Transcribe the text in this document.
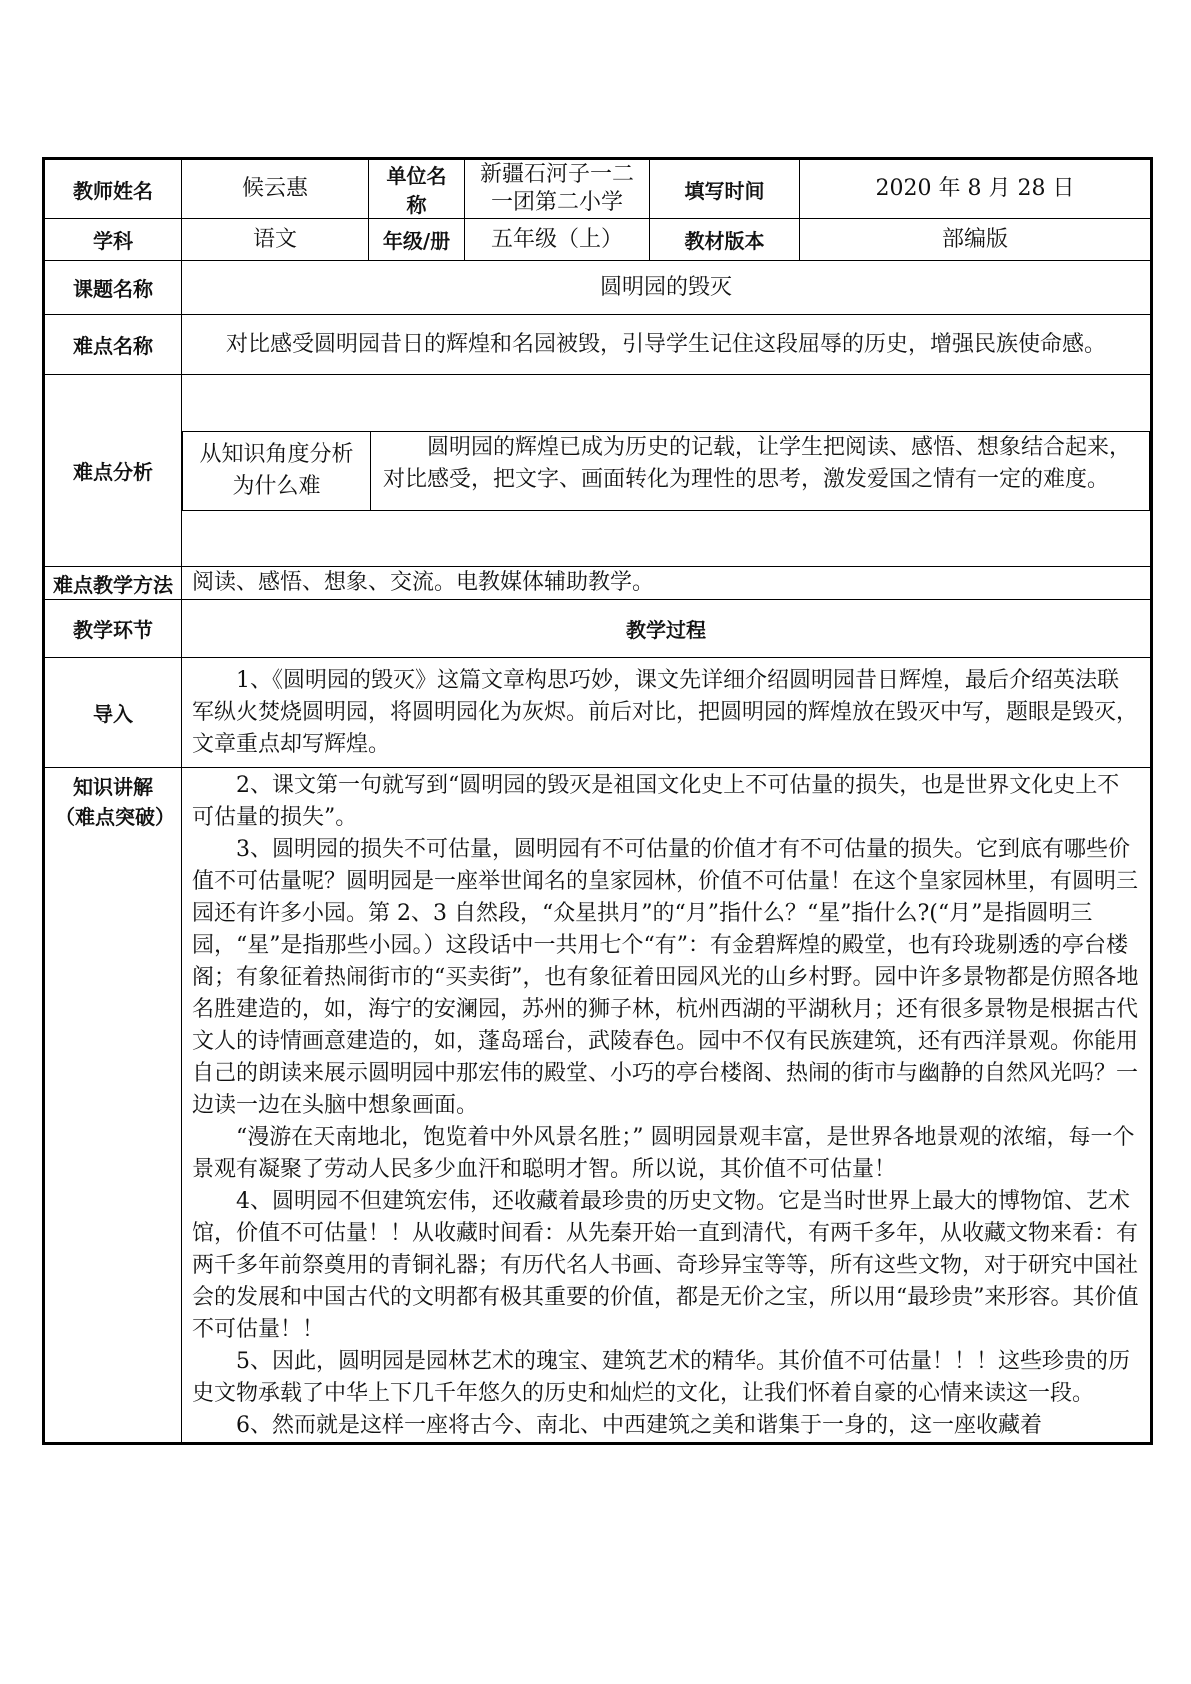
教师姓名	候云惠	单位名称	新疆石河子一二一团第二小学	填写时间	2020 年 8 月 28 日
学科	语文	年级/册	五年级（上）	教材版本	部编版
课题名称	圆明园的毁灭
难点名称	对比感受圆明园昔日的辉煌和名园被毁，引导学生记住这段屈辱的历史，增强民族使命感。
难点分析	
从知识角度分析为什么难	圆明园的辉煌已成为历史的记载，让学生把阅读、感悟、想象结合起来，对比感受，把文字、画面转化为理性的思考，激发爱国之情有一定的难度。

难点教学方法	阅读、感悟、想象、交流。电教媒体辅助教学。
教学环节	教学过程
导入	1、《圆明园的毁灭》这篇文章构思巧妙，课文先详细介绍圆明园昔日辉煌，最后介绍英法联军纵火焚烧圆明园，将圆明园化为灰烬。前后对比，把圆明园的辉煌放在毁灭中写，题眼是毁灭，文章重点却写辉煌。

知识讲解
（难点突破）

2、课文第一句就写到“圆明园的毁灭是祖国文化史上不可估量的损失，也是世界文化史上不可估量的损失”。

3、圆明园的损失不可估量，圆明园有不可估量的价值才有不可估量的损失。它到底有哪些价值不可估量呢？圆明园是一座举世闻名的皇家园林，价值不可估量！在这个皇家园林里，有圆明三园还有许多小园。第 2、3 自然段，“众星拱月”的“月”指什么？“星”指什么?(“月”是指圆明三园，“星”是指那些小园。）这段话中一共用七个“有”：有金碧辉煌的殿堂，也有玲珑剔透的亭台楼阁；有象征着热闹街市的“买卖街”，也有象征着田园风光的山乡村野。园中许多景物都是仿照各地名胜建造的，如，海宁的安澜园，苏州的狮子林，杭州西湖的平湖秋月；还有很多景物是根据古代文人的诗情画意建造的，如，蓬岛瑶台，武陵春色。园中不仅有民族建筑，还有西洋景观。你能用自己的朗读来展示圆明园中那宏伟的殿堂、小巧的亭台楼阁、热闹的街市与幽静的自然风光吗？一边读一边在头脑中想象画面。

“漫游在天南地北，饱览着中外风景名胜；” 圆明园景观丰富，是世界各地景观的浓缩，每一个景观有凝聚了劳动人民多少血汗和聪明才智。所以说，其价值不可估量！

4、圆明园不但建筑宏伟，还收藏着最珍贵的历史文物。它是当时世界上最大的博物馆、艺术馆，价值不可估量！！从收藏时间看：从先秦开始一直到清代，有两千多年，从收藏文物来看：有两千多年前祭奠用的青铜礼器；有历代名人书画、奇珍异宝等等，所有这些文物，对于研究中国社会的发展和中国古代的文明都有极其重要的价值，都是无价之宝，所以用“最珍贵”来形容。其价值不可估量！！

5、因此，圆明园是园林艺术的瑰宝、建筑艺术的精华。其价值不可估量！！！这些珍贵的历史文物承载了中华上下几千年悠久的历史和灿烂的文化，让我们怀着自豪的心情来读这一段。

6、然而就是这样一座将古今、南北、中西建筑之美和谐集于一身的，这一座收藏着
